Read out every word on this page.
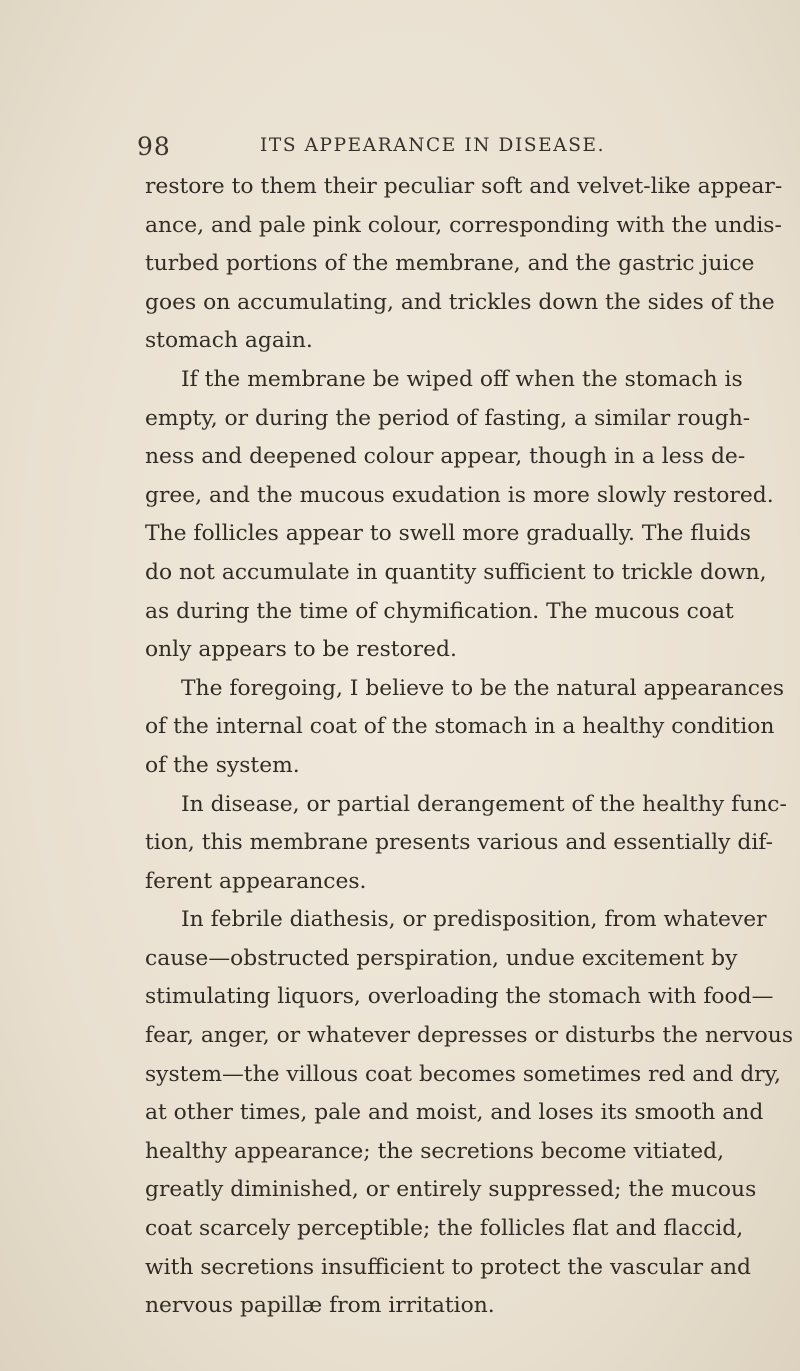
98	ITS APPEARANCE IN DISEASE.
restore to them their peculiar soft and velvet-like appear-
ance, and pale pink colour, corresponding with the undis-
turbed portions of the membrane, and the gastric juice
goes on accumulating, and trickles down the sides of the
stomach again.
If the membrane be wiped off when the stomach is
empty, or during the period of fasting, a similar rough-
ness and deepened colour appear, though in a less de-
gree, and the mucous exudation is more slowly restored.
The follicles appear to swell more gradually. The fluids
do not accumulate in quantity sufficient to trickle down,
as during the time of chymification. The mucous coat
only appears to be restored.
The foregoing, I believe to be the natural appearances
of the internal coat of the stomach in a healthy condition
of the system.
In disease, or partial derangement of the healthy func-
tion, this membrane presents various and essentially dif-
ferent appearances.
In febrile diathesis, or predisposition, from whatever
cause—obstructed perspiration, undue excitement by
stimulating liquors, overloading the stomach with food—
fear, anger, or whatever depresses or disturbs the nervous
system—the villous coat becomes sometimes red and dry,
at other times, pale and moist, and loses its smooth and
healthy appearance; the secretions become vitiated,
greatly diminished, or entirely suppressed; the mucous
coat scarcely perceptible; the follicles flat and flaccid,
with secretions insufficient to protect the vascular and
nervous papillæ from irritation.
